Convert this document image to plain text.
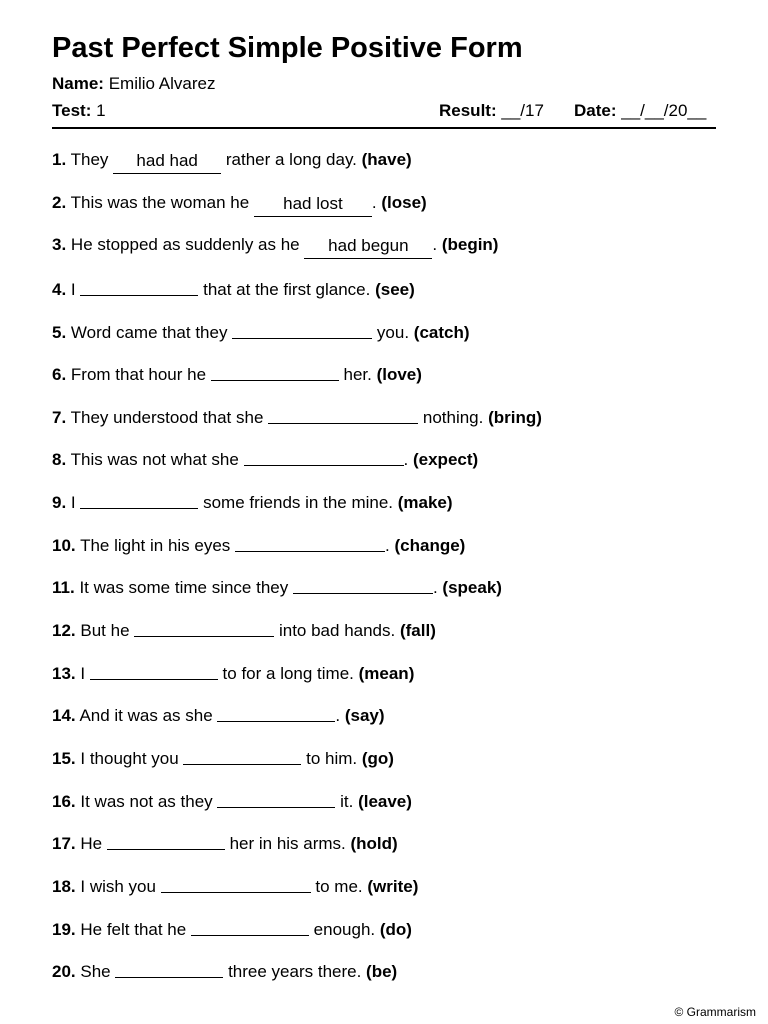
Past Perfect Simple Positive Form
Name: Emilio Alvarez
Test: 1	Result: __/17 Date: __/__/20__
1. They had had rather a long day. (have)
2. This was the woman he had lost . (lose)
3. He stopped as suddenly as he had begun . (begin)
4. I	that at the first glance. (see)
5. Word came that they	you. (catch)
6. From that hour he	her. (love)
7. They understood that she	nothing. (bring)
8. This was not what she	. (expect)
9. I	some friends in the mine. (make)
10. The light in his eyes	. (change)
11. It was some time since they	. (speak)
12. But he	into bad hands. (fall)
13. I	to for a long time. (mean)
14. And it was as she	. (say)
15. I thought you	to him. (go)
16. It was not as they	it. (leave)
17. He	her in his arms. (hold)
18. I wish you	to me. (write)
19. He felt that he	enough. (do)
20. She	three years there. (be)
© Grammarism
